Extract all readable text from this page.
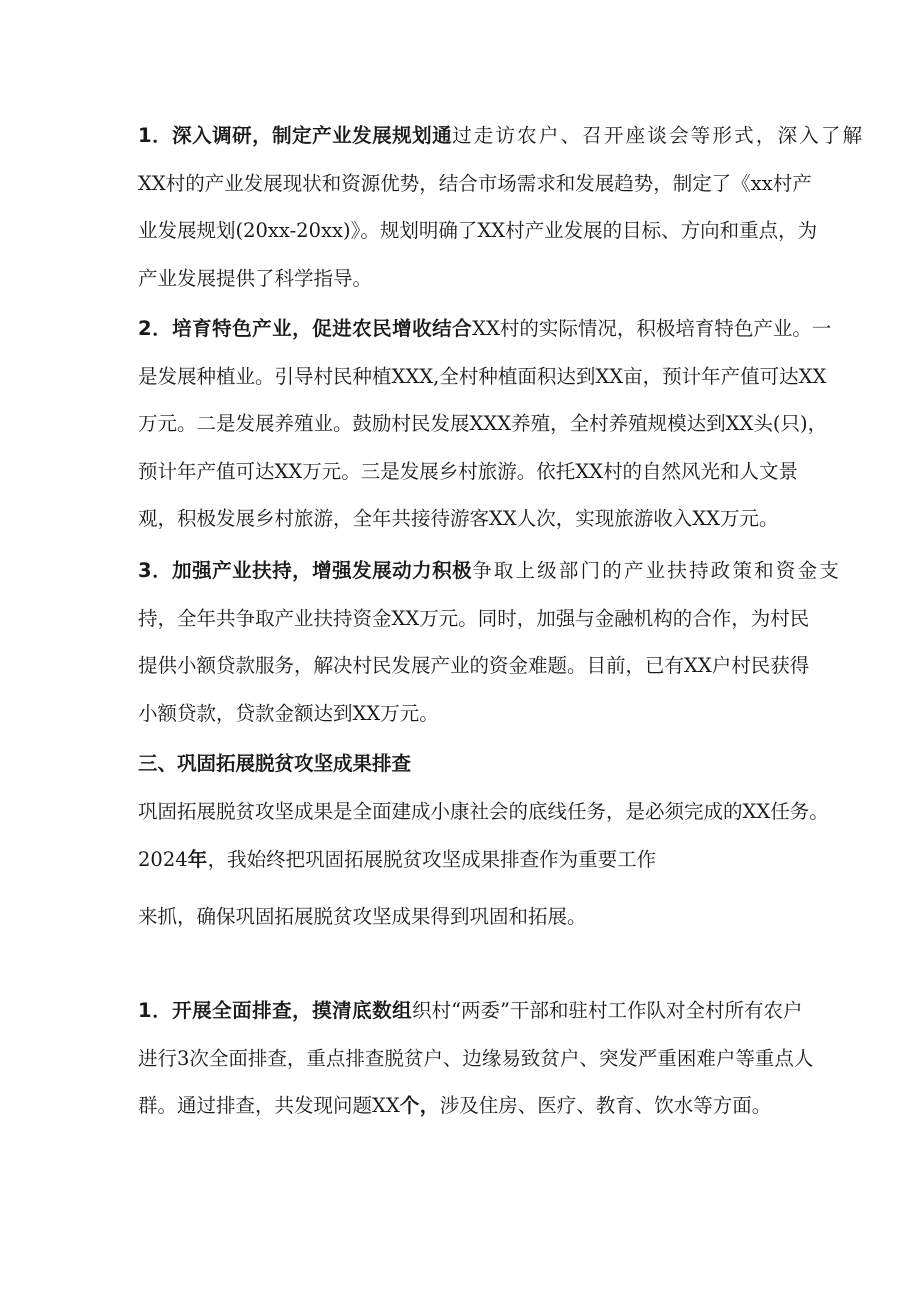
1．深入调研，制定产业发展规划通过走访农户、召开座谈会等形式，深入了解
XX村的产业发展现状和资源优势，结合市场需求和发展趋势，制定了《xx村产
业发展规划(20xx-20xx)》。规划明确了XX村产业发展的目标、方向和重点，为
产业发展提供了科学指导。
2．培育特色产业，促进农民增收结合XX村的实际情况，积极培育特色产业。一
是发展种植业。引导村民种植XXX,全村种植面积达到XX亩，预计年产值可达XX
万元。二是发展养殖业。鼓励村民发展XXX养殖，全村养殖规模达到XX头(只)，
预计年产值可达XX万元。三是发展乡村旅游。依托XX村的自然风光和人文景
观，积极发展乡村旅游，全年共接待游客XX人次，实现旅游收入XX万元。
3．加强产业扶持，增强发展动力积极争取上级部门的产业扶持政策和资金支
持，全年共争取产业扶持资金XX万元。同时，加强与金融机构的合作，为村民
提供小额贷款服务，解决村民发展产业的资金难题。目前，已有XX户村民获得
小额贷款，贷款金额达到XX万元。
三、巩固拓展脱贫攻坚成果排查
巩固拓展脱贫攻坚成果是全面建成小康社会的底线任务，是必须完成的XX任务。
2024年，我始终把巩固拓展脱贫攻坚成果排查作为重要工作
来抓，确保巩固拓展脱贫攻坚成果得到巩固和拓展。
1．开展全面排查，摸清底数组织村“两委”干部和驻村工作队对全村所有农户
进行3次全面排查，重点排查脱贫户、边缘易致贫户、突发严重困难户等重点人
群。通过排查，共发现问题XX个，涉及住房、医疗、教育、饮水等方面。
